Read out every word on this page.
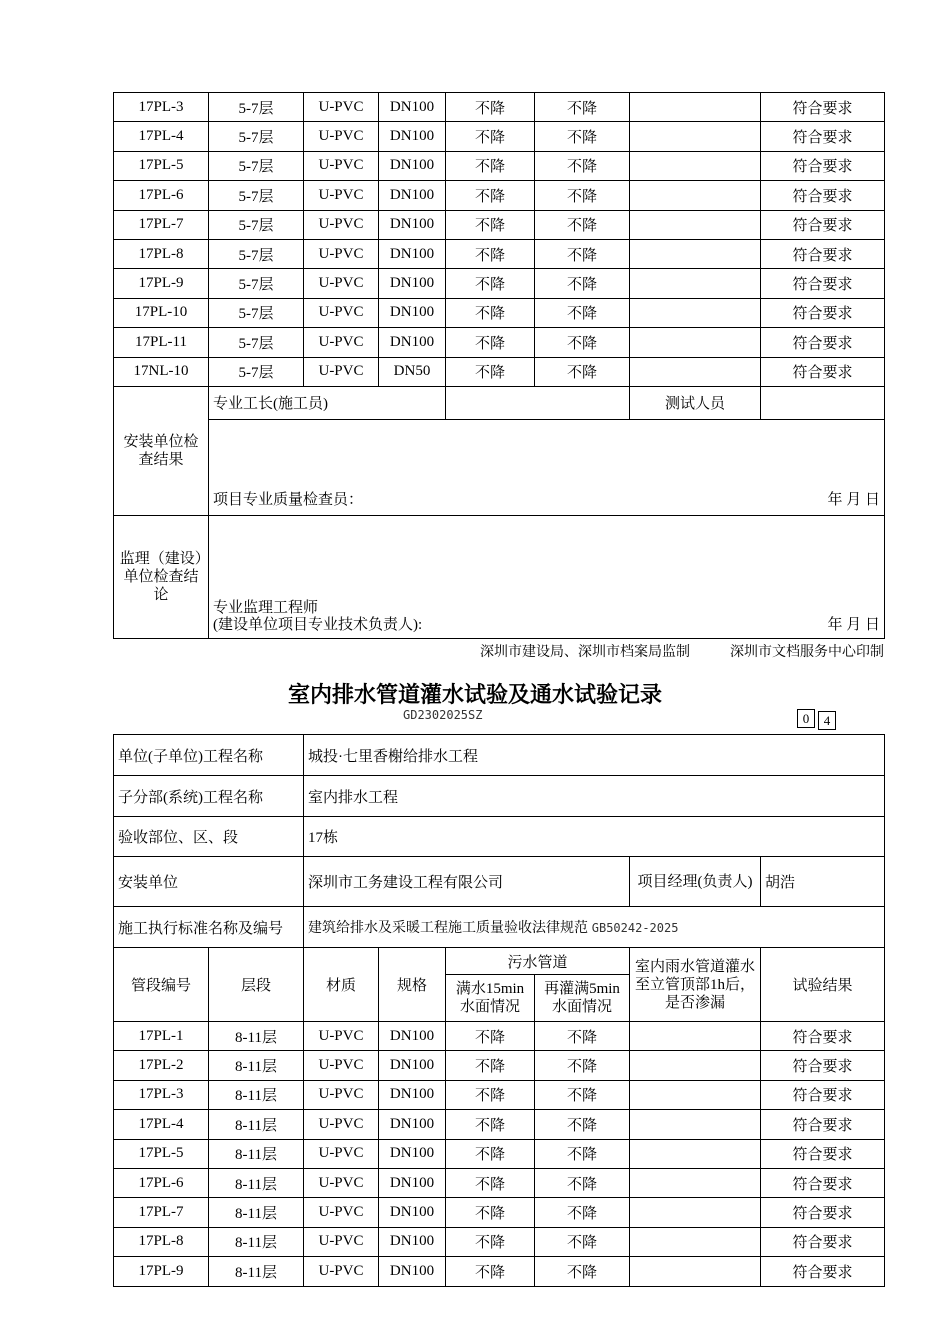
17PL-3	5-7层	U-PVC	DN100	不降	不降		符合要求
17PL-4	5-7层	U-PVC	DN100	不降	不降		符合要求
17PL-5	5-7层	U-PVC	DN100	不降	不降		符合要求
17PL-6	5-7层	U-PVC	DN100	不降	不降		符合要求
17PL-7	5-7层	U-PVC	DN100	不降	不降		符合要求
17PL-8	5-7层	U-PVC	DN100	不降	不降		符合要求
17PL-9	5-7层	U-PVC	DN100	不降	不降		符合要求
17PL-10	5-7层	U-PVC	DN100	不降	不降		符合要求
17PL-11	5-7层	U-PVC	DN100	不降	不降		符合要求
17NL-10	5-7层	U-PVC	DN50	不降	不降		符合要求
安装单位检查结果	专业工长(施工员)					测试人员	

	项目专业质量检查员： 年 月 日						

监理（建设）单位检查结论	专业监理工程师
(建设单位项目专业技术负责人): 年 月 日						
深圳市建设局、深圳市档案局监制	深圳市文档服务中心印制
室内排水管道灌水试验及通水试验记录
GD2302025SZ	0 4
单位(子单位)工程名称		城投·七里香榭给排水工程					
子分部(系统)工程名称		室内排水工程					
验收部位、区、段		17栋					
安装单位		深圳市工务建设工程有限公司				项目经理(负责人)	胡浩
施工执行标准名称及编号		建筑给排水及采暖工程施工质量验收法律规范 GB50242-2025					
管段编号	层段	材质	规格	污水管道		室内雨水管道灌水至立管顶部1h后，是否渗漏	试验结果
				满水15min水面情况	再灌满5min水面情况		
17PL-1	8-11层	U-PVC	DN100	不降	不降		符合要求
17PL-2	8-11层	U-PVC	DN100	不降	不降		符合要求
17PL-3	8-11层	U-PVC	DN100	不降	不降		符合要求
17PL-4	8-11层	U-PVC	DN100	不降	不降		符合要求
17PL-5	8-11层	U-PVC	DN100	不降	不降		符合要求
17PL-6	8-11层	U-PVC	DN100	不降	不降		符合要求
17PL-7	8-11层	U-PVC	DN100	不降	不降		符合要求
17PL-8	8-11层	U-PVC	DN100	不降	不降		符合要求
17PL-9	8-11层	U-PVC	DN100	不降	不降		符合要求
